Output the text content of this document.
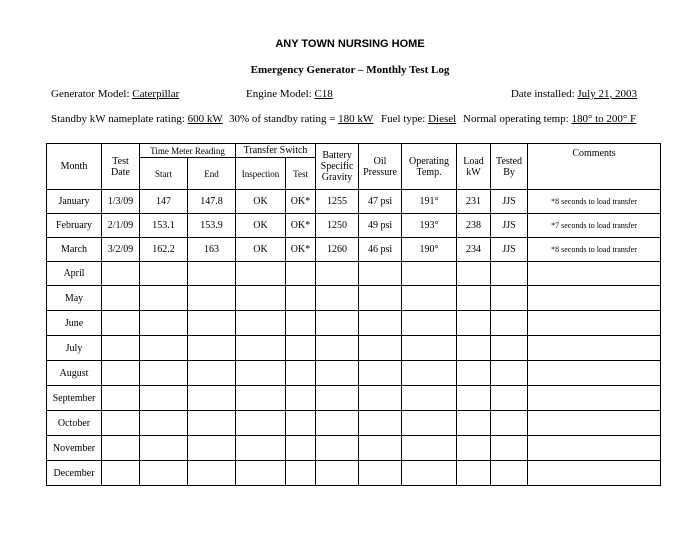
ANY TOWN NURSING HOME
Emergency Generator – Monthly Test Log
Generator Model: Caterpillar	Engine Model: C18	Date installed: July 21, 2003
Standby kW nameplate rating: 600 kW 30% of standby rating = 180 kW Fuel type: Diesel Normal operating temp: 180° to 200° F
Month	Test Date	Time Meter Reading		Transfer Switch		Battery Specific Gravity	Oil Pressure	Operating Temp.	Load kW	Tested By	Comments
		Start	End	Inspection	Test						
January	1/3/09	147	147.8	OK	OK*	1255	47 psi	191°	231	JJS	*8 seconds to load transfer
February	2/1/09	153.1	153.9	OK	OK*	1250	49 psi	193°	238	JJS	*7 seconds to load transfer
March	3/2/09	162.2	163	OK	OK*	1260	46 psi	190°	234	JJS	*8 seconds to load transfer
April											
May											
June											
July											
August											
September											
October											
November											
December											
